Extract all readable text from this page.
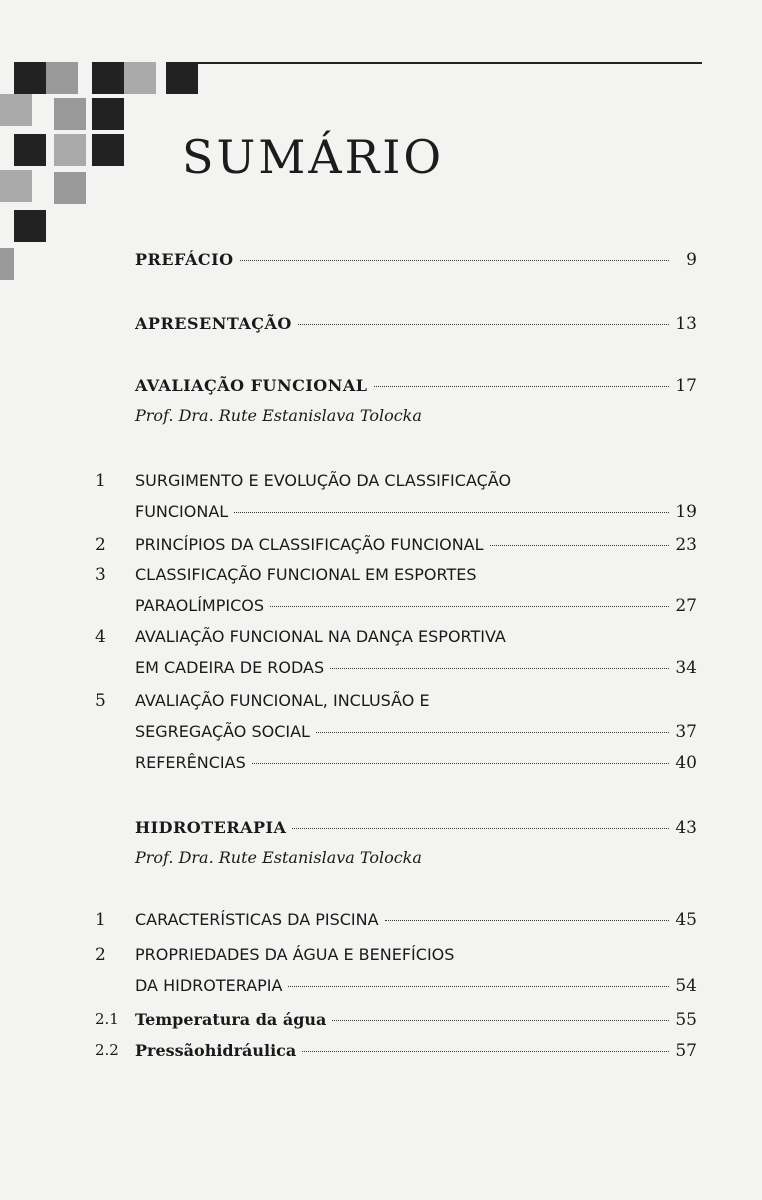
SUMÁRIO
PREFÁCIO	9
APRESENTAÇÃO	13
AVALIAÇÃO FUNCIONAL	17
Prof. Dra. Rute Estanislava Tolocka
1	SURGIMENTO E EVOLUÇÃO DA CLASSIFICAÇÃO
FUNCIONAL	19
2	PRINCÍPIOS DA CLASSIFICAÇÃO FUNCIONAL	23
3	CLASSIFICAÇÃO FUNCIONAL EM ESPORTES
PARAOLÍMPICOS	27
4	AVALIAÇÃO FUNCIONAL NA DANÇA ESPORTIVA
EM CADEIRA DE RODAS	34
5	AVALIAÇÃO FUNCIONAL, INCLUSÃO E
SEGREGAÇÃO SOCIAL	37
REFERÊNCIAS	40
HIDROTERAPIA	43
Prof. Dra. Rute Estanislava Tolocka
1	CARACTERÍSTICAS DA PISCINA	45
2	PROPRIEDADES DA ÁGUA E BENEFÍCIOS
DA HIDROTERAPIA	54
2.1	Temperatura da água	55
2.2	Pressãohidráulica	57
